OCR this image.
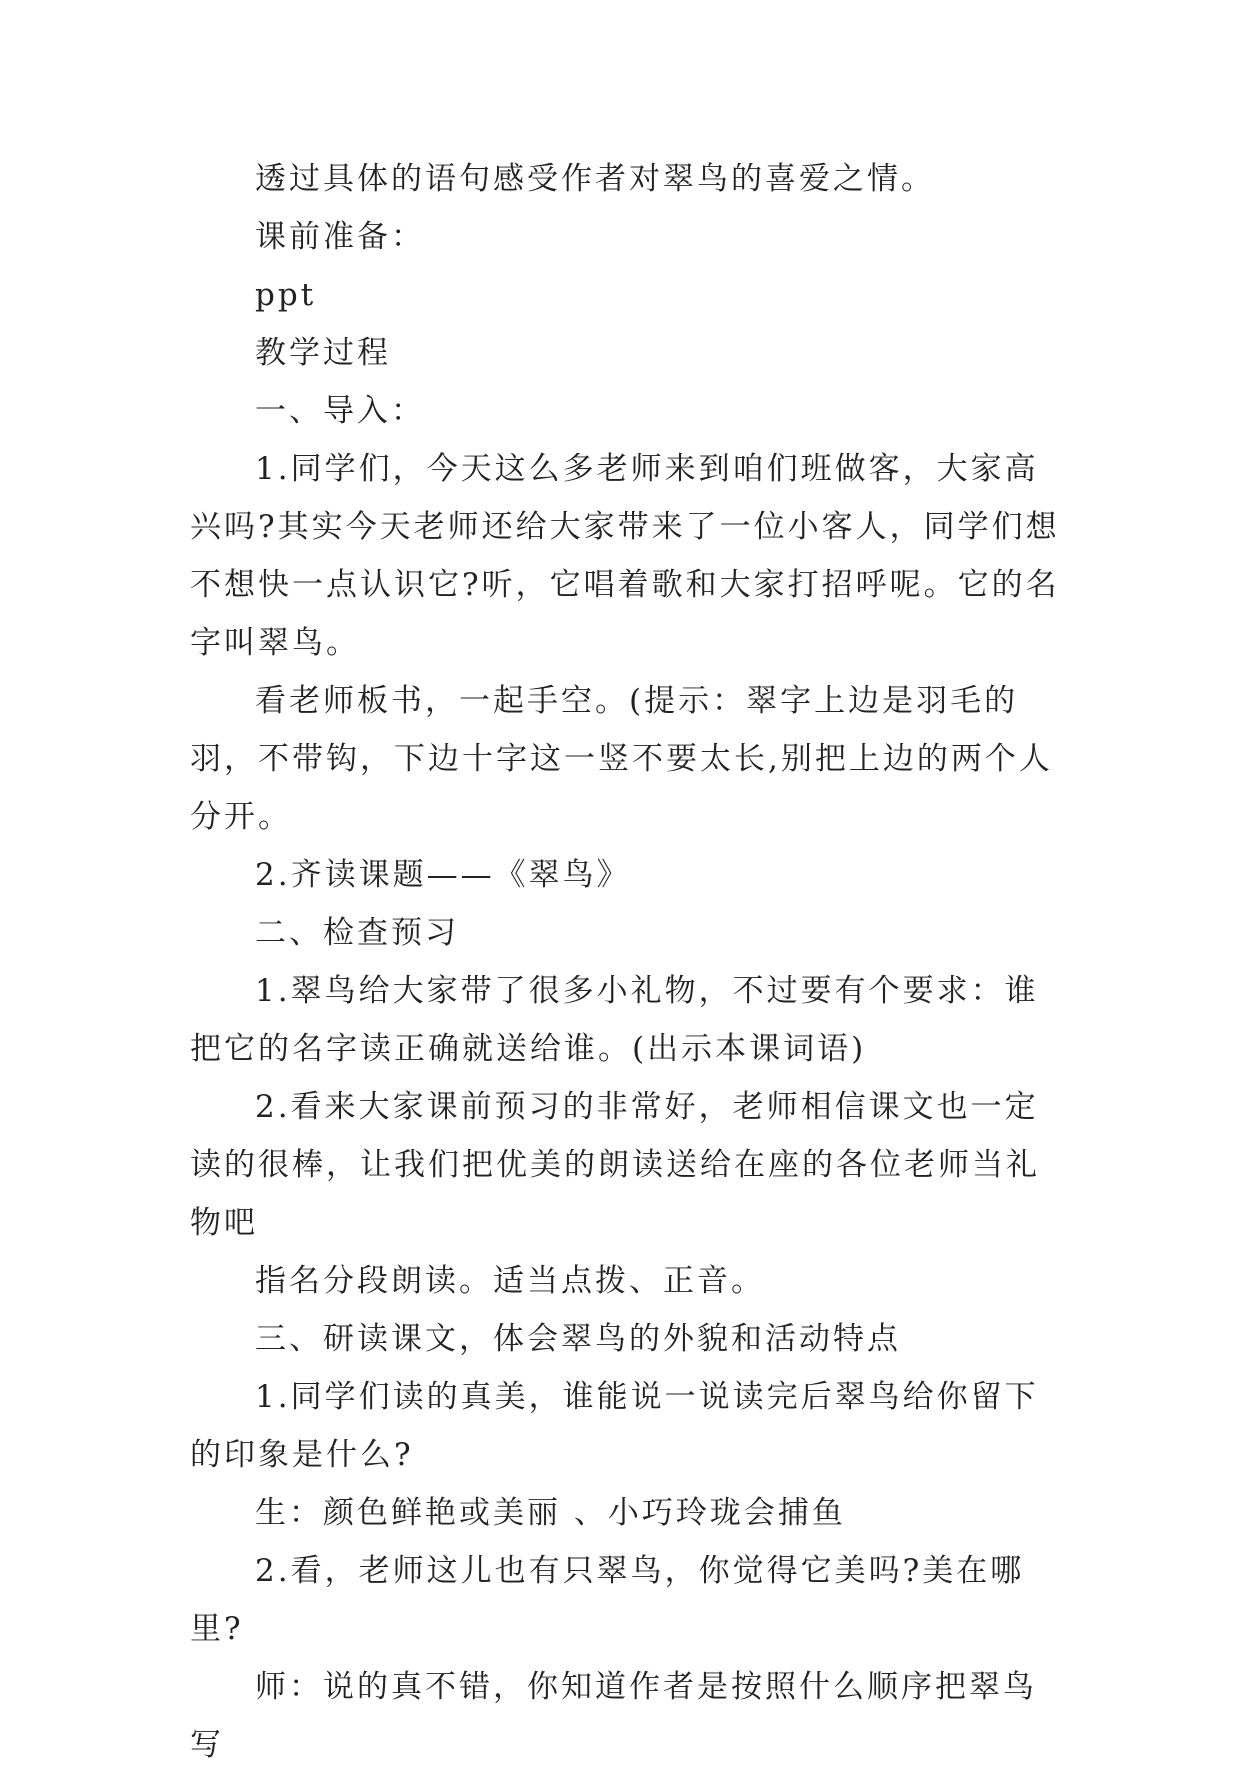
透过具体的语句感受作者对翠鸟的喜爱之情。

课前准备：

ppt

教学过程

一、导入：

1.同学们，今天这么多老师来到咱们班做客，大家高兴吗?其实今天老师还给大家带来了一位小客人，同学们想不想快一点认识它?听，它唱着歌和大家打招呼呢。它的名字叫翠鸟。

看老师板书，一起手空。(提示：翠字上边是羽毛的羽，不带钩，下边十字这一竖不要太长,别把上边的两个人分开。

2.齐读课题——《翠鸟》

二、检查预习

1.翠鸟给大家带了很多小礼物，不过要有个要求：谁把它的名字读正确就送给谁。(出示本课词语)

2.看来大家课前预习的非常好，老师相信课文也一定读的很棒，让我们把优美的朗读送给在座的各位老师当礼物吧

指名分段朗读。适当点拨、正音。

三、研读课文，体会翠鸟的外貌和活动特点

1.同学们读的真美，谁能说一说读完后翠鸟给你留下的印象是什么?

生：颜色鲜艳或美丽 、小巧玲珑会捕鱼

2.看，老师这儿也有只翠鸟，你觉得它美吗?美在哪里?

师：说的真不错，你知道作者是按照什么顺序把翠鸟写
